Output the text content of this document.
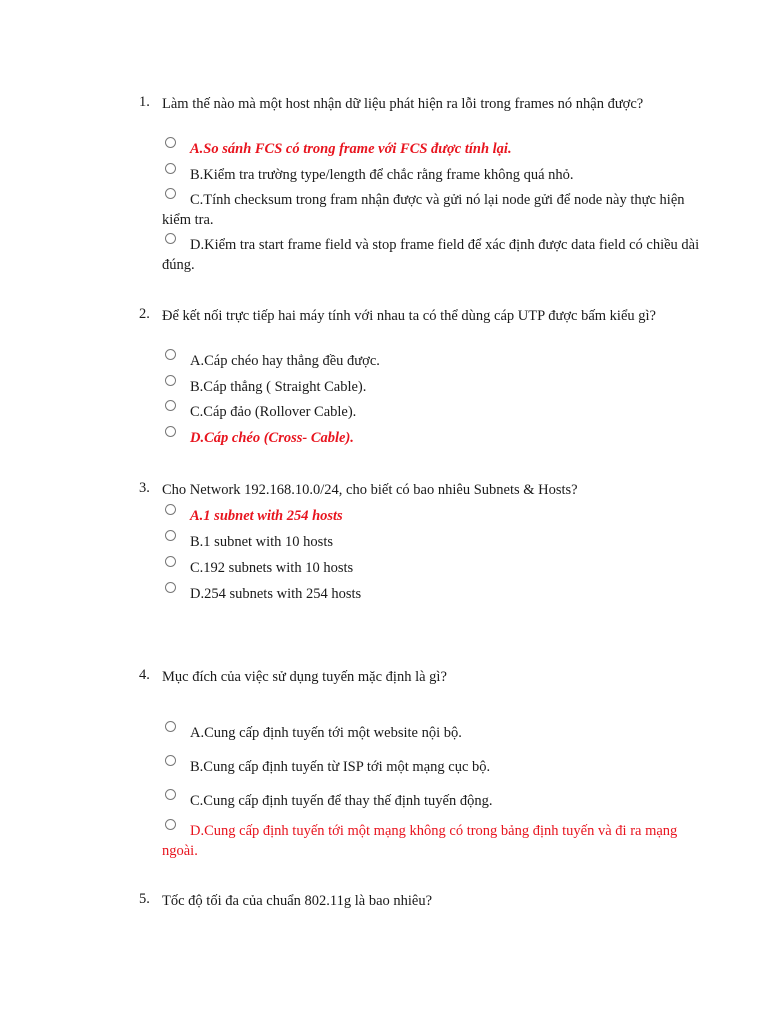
1. Làm thế nào mà một host nhận dữ liệu phát hiện ra lỗi trong frames nó nhận được?
A.So sánh FCS có trong frame với FCS được tính lại.
B.Kiểm tra trường type/length để chắc rằng frame không quá nhỏ.
C.Tính checksum trong fram nhận được và gửi nó lại node gửi để node này thực hiện kiểm tra.
D.Kiểm tra start frame field và stop frame field để xác định được data field có chiều dài đúng.
2. Để kết nối trực tiếp hai máy tính với nhau ta có thể dùng cáp UTP được bấm kiểu gì?
A.Cáp chéo hay thẳng đều được.
B.Cáp thẳng ( Straight Cable).
C.Cáp đảo (Rollover Cable).
D.Cáp chéo (Cross- Cable).
3. Cho Network 192.168.10.0/24, cho biết có bao nhiêu Subnets & Hosts?
A.1 subnet with 254 hosts
B.1 subnet with 10 hosts
C.192 subnets with 10 hosts
D.254 subnets with 254 hosts
4. Mục đích của việc sử dụng tuyến mặc định là gì?
A.Cung cấp định tuyến tới một website nội bộ.
B.Cung cấp định tuyến từ ISP tới một mạng cục bộ.
C.Cung cấp định tuyến để thay thế định tuyến động.
D.Cung cấp định tuyến tới một mạng không có trong bảng định tuyến và đi ra mạng ngoài.
5. Tốc độ tối đa của chuẩn 802.11g là bao nhiêu?
